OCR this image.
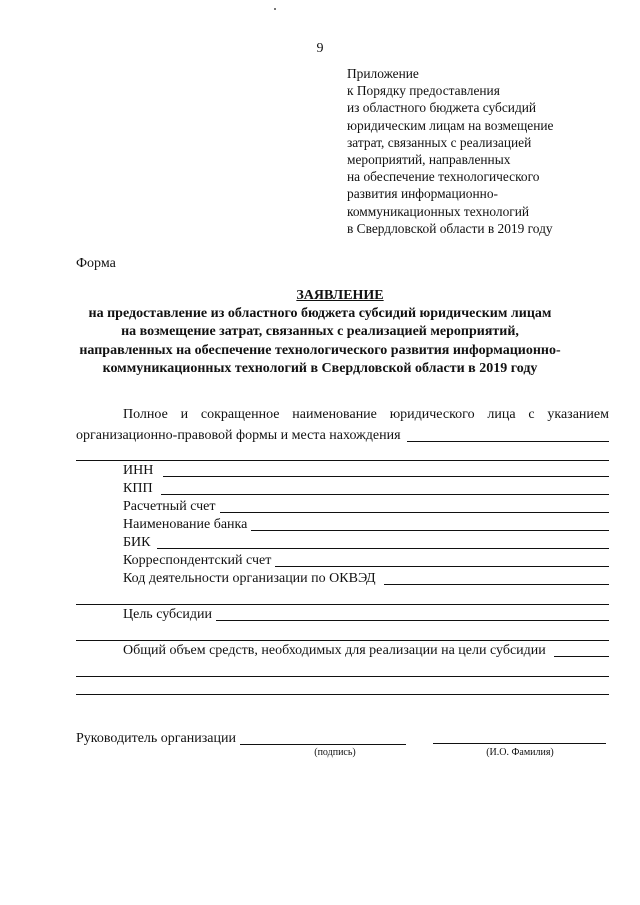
9
Приложение
к Порядку предоставления
из областного бюджета субсидий
юридическим лицам на возмещение
затрат, связанных с реализацией
мероприятий, направленных
на обеспечение технологического
развития информационно-
коммуникационных технологий
в Свердловской области в 2019 году
Форма
ЗАЯВЛЕНИЕ
на предоставление из областного бюджета субсидий юридическим лицам
на возмещение затрат, связанных с реализацией мероприятий,
направленных на обеспечение технологического развития информационно-
коммуникационных технологий в Свердловской области в 2019 году
Полное и сокращенное наименование юридического лица с указанием
организационно-правовой формы и места нахождения
ИНН
КПП
Расчетный счет
Наименование банка
БИК
Корреспондентский счет
Код деятельности организации по ОКВЭД
Цель субсидии
Общий объем средств, необходимых для реализации на цели субсидии
Руководитель организации
(подпись)	(И.О. Фамилия)
